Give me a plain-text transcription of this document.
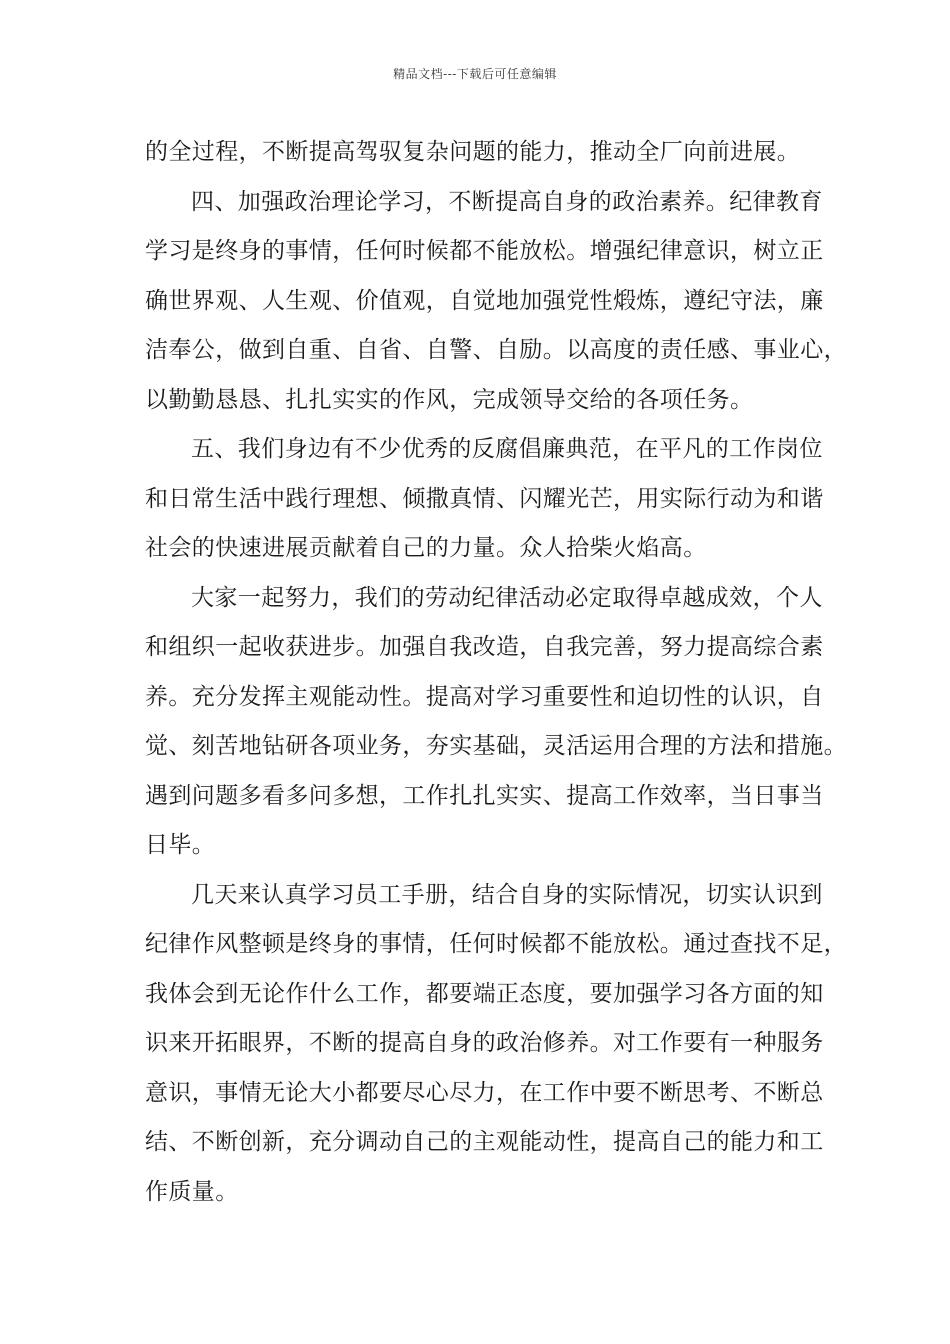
精品文档---下载后可任意编辑
的全过程，不断提高驾驭复杂问题的能力，推动全厂向前进展。
四、加强政治理论学习，不断提高自身的政治素养。纪律教育
学习是终身的事情，任何时候都不能放松。增强纪律意识，树立正
确世界观、人生观、价值观，自觉地加强党性煅炼，遵纪守法，廉
洁奉公，做到自重、自省、自警、自励。以高度的责任感、事业心，
以勤勤恳恳、扎扎实实的作风，完成领导交给的各项任务。
五、我们身边有不少优秀的反腐倡廉典范，在平凡的工作岗位
和日常生活中践行理想、倾撒真情、闪耀光芒，用实际行动为和谐
社会的快速进展贡献着自己的力量。众人拾柴火焰高。
大家一起努力，我们的劳动纪律活动必定取得卓越成效，个人
和组织一起收获进步。加强自我改造，自我完善，努力提高综合素
养。充分发挥主观能动性。提高对学习重要性和迫切性的认识，自
觉、刻苦地钻研各项业务，夯实基础，灵活运用合理的方法和措施。
遇到问题多看多问多想，工作扎扎实实、提高工作效率，当日事当
日毕。
几天来认真学习员工手册，结合自身的实际情况，切实认识到
纪律作风整顿是终身的事情，任何时候都不能放松。通过查找不足，
我体会到无论作什么工作，都要端正态度，要加强学习各方面的知
识来开拓眼界，不断的提高自身的政治修养。对工作要有一种服务
意识，事情无论大小都要尽心尽力，在工作中要不断思考、不断总
结、不断创新，充分调动自己的主观能动性，提高自己的能力和工
作质量。
